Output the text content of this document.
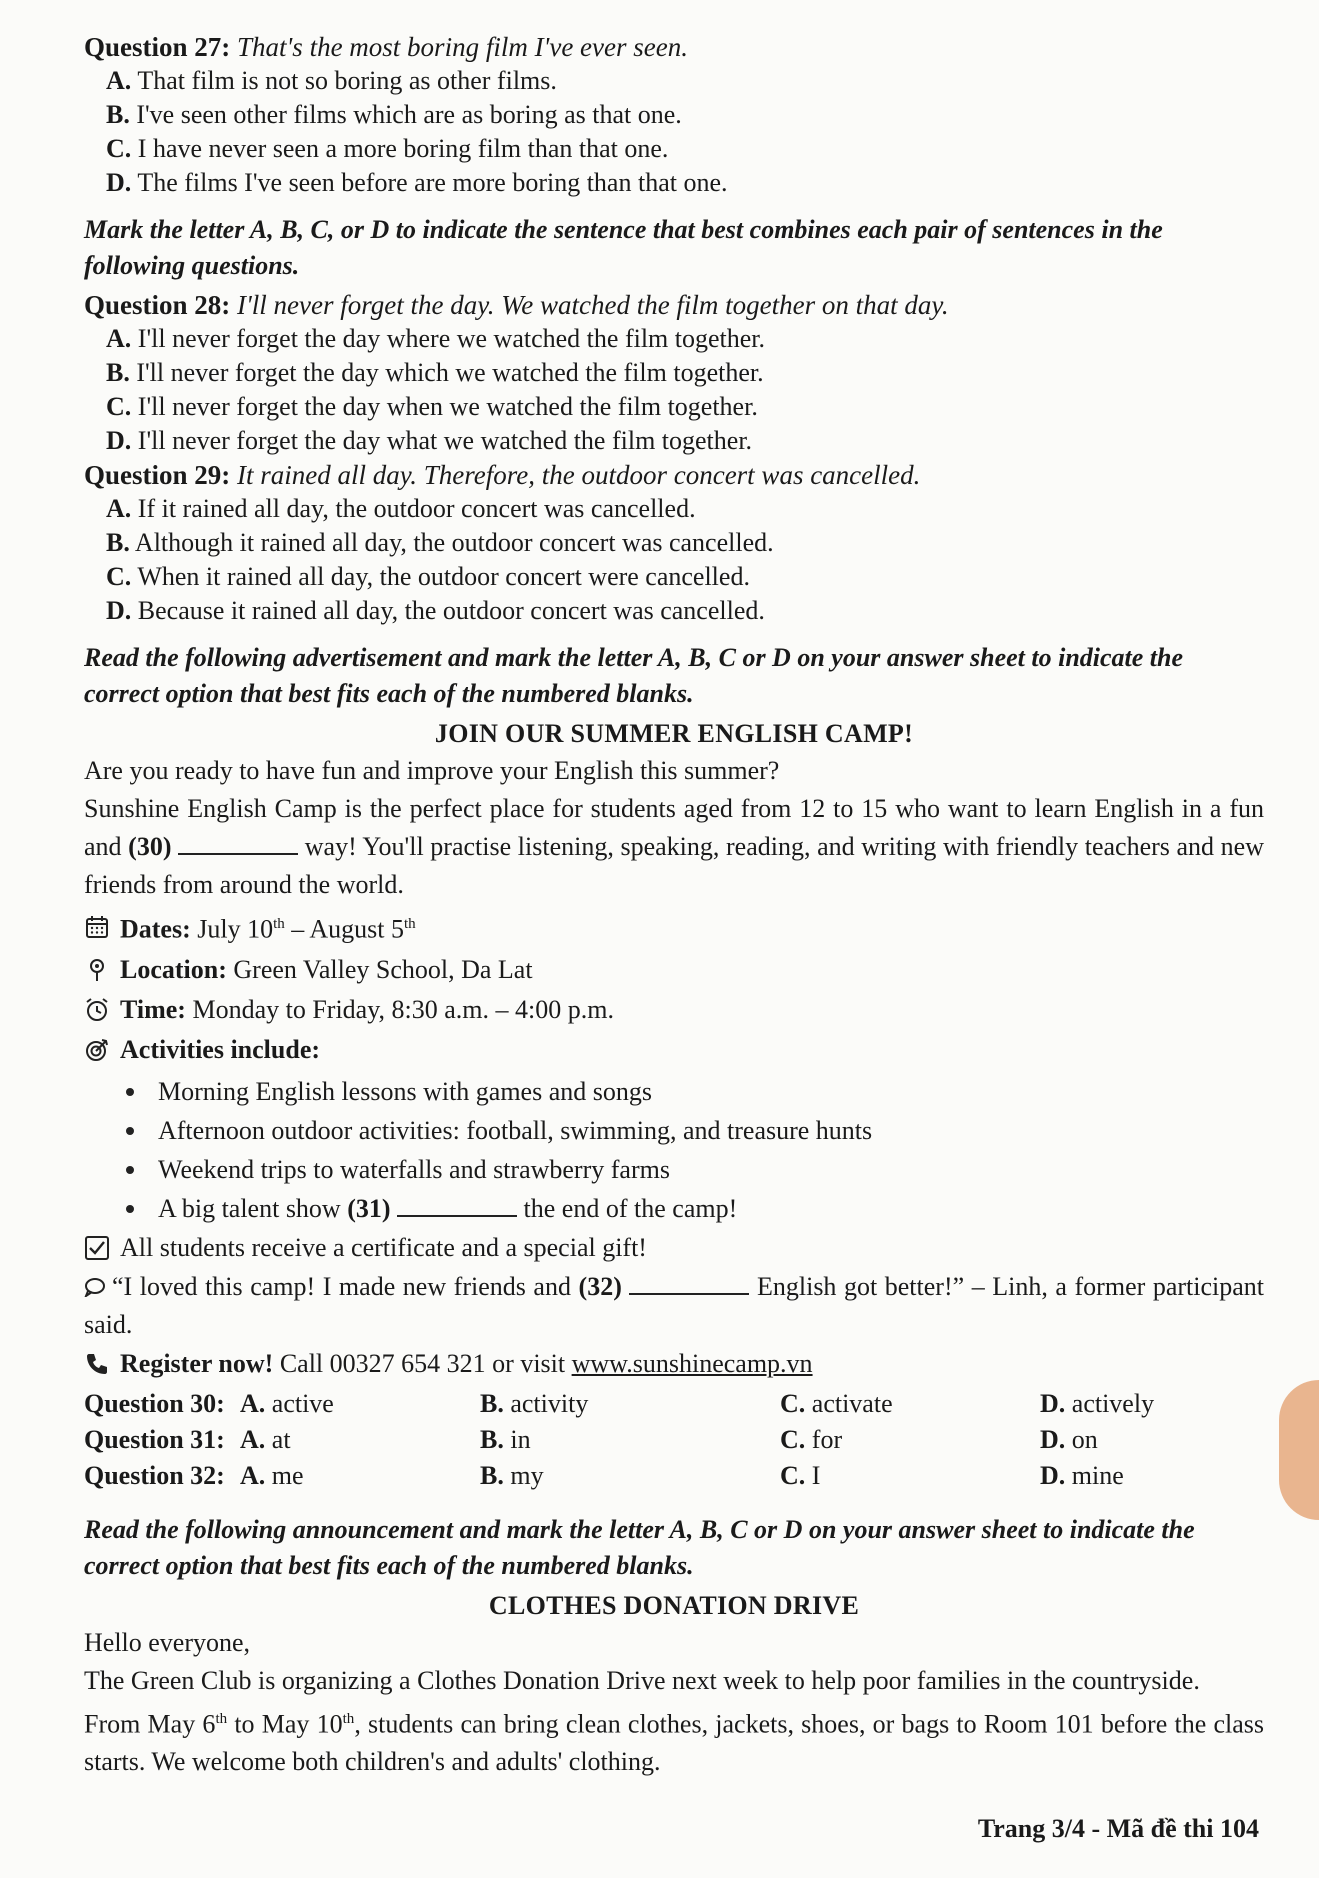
Question 27: That's the most boring film I've ever seen.

A. That film is not so boring as other films.

B. I've seen other films which are as boring as that one.

C. I have never seen a more boring film than that one.

D. The films I've seen before are more boring than that one.

Mark the letter A, B, C, or D to indicate the sentence that best combines each pair of sentences in the following questions.

Question 28: I'll never forget the day. We watched the film together on that day.

A. I'll never forget the day where we watched the film together.

B. I'll never forget the day which we watched the film together.

C. I'll never forget the day when we watched the film together.

D. I'll never forget the day what we watched the film together.

Question 29: It rained all day. Therefore, the outdoor concert was cancelled.

A. If it rained all day, the outdoor concert was cancelled.

B. Although it rained all day, the outdoor concert was cancelled.

C. When it rained all day, the outdoor concert were cancelled.

D. Because it rained all day, the outdoor concert was cancelled.

Read the following advertisement and mark the letter A, B, C or D on your answer sheet to indicate the correct option that best fits each of the numbered blanks.

JOIN OUR SUMMER ENGLISH CAMP!

Are you ready to have fun and improve your English this summer?
Sunshine English Camp is the perfect place for students aged from 12 to 15 who want to learn English in a fun and (30)	way! You'll practise listening, speaking, reading, and writing with friendly teachers and new friends from around the world.

Dates: July 10th – August 5th

Location: Green Valley School, Da Lat

Time: Monday to Friday, 8:30 a.m. – 4:00 p.m.

Activities include:

Morning English lessons with games and songs
Afternoon outdoor activities: football, swimming, and treasure hunts
Weekend trips to waterfalls and strawberry farms
A big talent show (31)	the end of the camp!

All students receive a certificate and a special gift!

“I loved this camp! I made new friends and (32)	English got better!” – Linh, a former participant said.

Register now! Call 00327 654 321 or visit www.sunshinecamp.vn

Question 30: A. active	B. activity	C. activate	D. actively
Question 31: A. at	B. in	C. for	D. on
Question 32: A. me	B. my	C. I	D. mine

Read the following announcement and mark the letter A, B, C or D on your answer sheet to indicate the correct option that best fits each of the numbered blanks.

CLOTHES DONATION DRIVE

Hello everyone,

The Green Club is organizing a Clothes Donation Drive next week to help poor families in the countryside.
From May 6th to May 10th, students can bring clean clothes, jackets, shoes, or bags to Room 101 before the class starts. We welcome both children's and adults' clothing.

Trang 3/4 - Mã đề thi 104
